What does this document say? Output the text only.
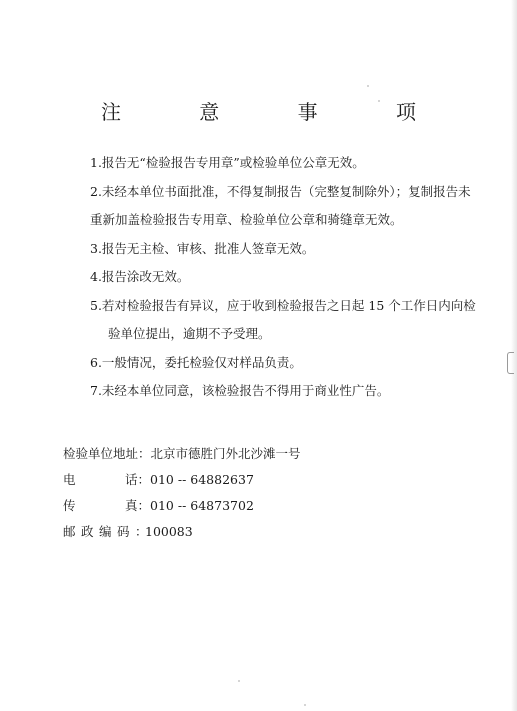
注 意 事 项
1.报告无“检验报告专用章”或检验单位公章无效。
2.未经本单位书面批准，不得复制报告（完整复制除外）；复制报告未
重新加盖检验报告专用章、检验单位公章和骑缝章无效。
3.报告无主检、审核、批准人签章无效。
4.报告涂改无效。
5.若对检验报告有异议，应于收到检验报告之日起 15 个工作日内向检
验单位提出，逾期不予受理。
6.一般情况，委托检验仅对样品负责。
7.未经本单位同意，该检验报告不得用于商业性广告。
检验单位地址：北京市德胜门外北沙滩一号
电	话：010 -- 64882637
传	真：010 -- 64873702
邮政编码：100083
